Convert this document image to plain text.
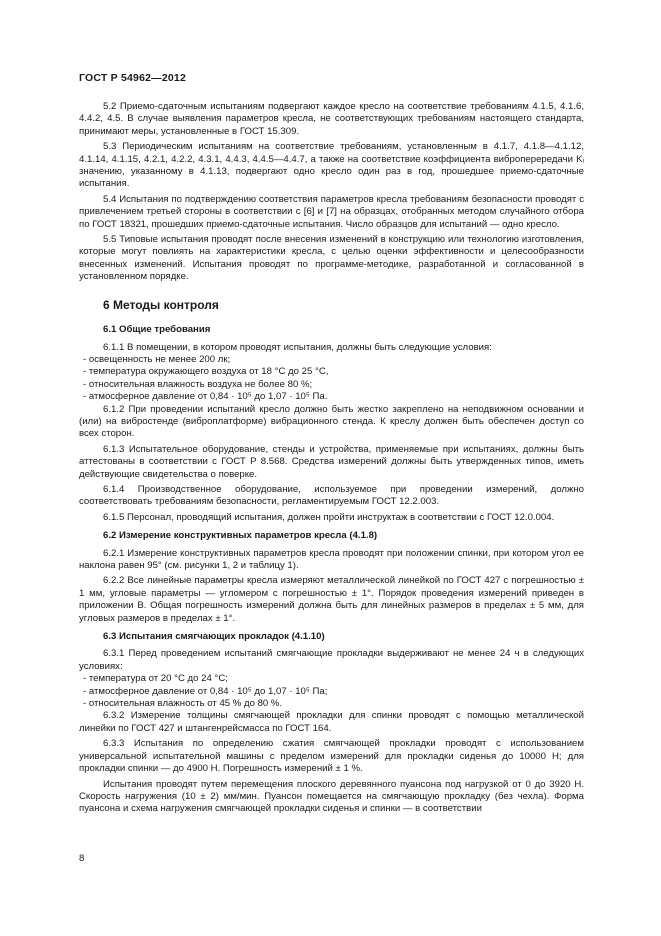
ГОСТ Р 54962—2012

5.2 Приемо-сдаточным испытаниям подвергают каждое кресло на соответствие требованиям 4.1.5, 4.1.6, 4.4.2, 4.5. В случае выявления параметров кресла, не соответствующих требованиям настоящего стандарта, принимают меры, установленные в ГОСТ 15.309.

5.3 Периодическим испытаниям на соответствие требованиям, установленным в 4.1.7, 4.1.8—4.1.12, 4.1.14, 4.1.15, 4.2.1, 4.2.2, 4.3.1, 4.4.3, 4.4.5—4.4.7, а также на соответствие коэффициента виброперередачи Kᵢ значению, указанному в 4.1.13, подвергают одно кресло один раз в год, прошедшее приемо-сдаточные испытания.

5.4 Испытания по подтверждению соответствия параметров кресла требованиям безопасности проводят с привлечением третьей стороны в соответствии с [6] и [7] на образцах, отобранных методом случайного отбора по ГОСТ 18321, прошедших приемо-сдаточные испытания. Число образцов для испытаний — одно кресло.

5.5 Типовые испытания проводят после внесения изменений в конструкцию или технологию изготовления, которые могут повлиять на характеристики кресла, с целью оценки эффективности и целесообразности внесенных изменений. Испытания проводят по программе-методике, разработанной и согласованной в установленном порядке.

6 Методы контроля
6.1 Общие требования

6.1.1 В помещении, в котором проводят испытания, должны быть следующие условия:

- освещенность не менее 200 лк;
- температура окружающего воздуха от 18 °С до 25 °С,
- относительная влажность воздуха не более 80 %;
- атмосферное давление от 0,84 · 10⁵ до 1,07 · 10⁵ Па.

6.1.2 При проведении испытаний кресло должно быть жестко закреплено на неподвижном основании и (или) на вибростенде (виброплатформе) вибрационного стенда. К креслу должен быть обеспечен доступ со всех сторон.

6.1.3 Испытательное оборудование, стенды и устройства, применяемые при испытаниях, должны быть аттестованы в соответствии с ГОСТ Р 8.568. Средства измерений должны быть утвержденных типов, иметь действующие свидетельства о поверке.

6.1.4 Производственное оборудование, используемое при проведении измерений, должно соответствовать требованиям безопасности, регламентируемым ГОСТ 12.2.003.

6.1.5 Персонал, проводящий испытания, должен пройти инструктаж в соответствии с ГОСТ 12.0.004.

6.2 Измерение конструктивных параметров кресла (4.1.8)

6.2.1 Измерение конструктивных параметров кресла проводят при положении спинки, при котором угол ее наклона равен 95° (см. рисунки 1, 2 и таблицу 1).

6.2.2 Все линейные параметры кресла измеряют металлической линейкой по ГОСТ 427 с погрешностью ± 1 мм, угловые параметры — угломером с погрешностью ± 1°. Порядок проведения измерений приведен в приложении В. Общая погрешность измерений должна быть для линейных размеров в пределах ± 5 мм, для угловых размеров в пределах ± 1°.

6.3 Испытания смягчающих прокладок (4.1.10)

6.3.1 Перед проведением испытаний смягчающие прокладки выдерживают не менее 24 ч в следующих условиях:

- температура от 20 °С до 24 °С;
- атмосферное давление от 0,84 · 10⁵ до 1,07 · 10⁵ Па;
- относительная влажность от 45 % до 80 %.

6.3.2 Измерение толщины смягчающей прокладки для спинки проводят с помощью металлической линейки по ГОСТ 427 и штангенрейсмасса по ГОСТ 164.

6.3.3 Испытания по определению сжатия смягчающей прокладки проводят с использованием универсальной испытательной машины с пределом измерений для прокладки сиденья до 10000 Н; для прокладки спинки — до 4900 Н. Погрешность измерений ± 1 %.

Испытания проводят путем перемещения плоского деревянного пуансона под нагрузкой от 0 до 3920 Н. Скорость нагружения (10 ± 2) мм/мин. Пуансон помещается на смягчающую прокладку (без чехла). Форма пуансона и схема нагружения смягчающей прокладки сиденья и спинки — в соответствии

8
